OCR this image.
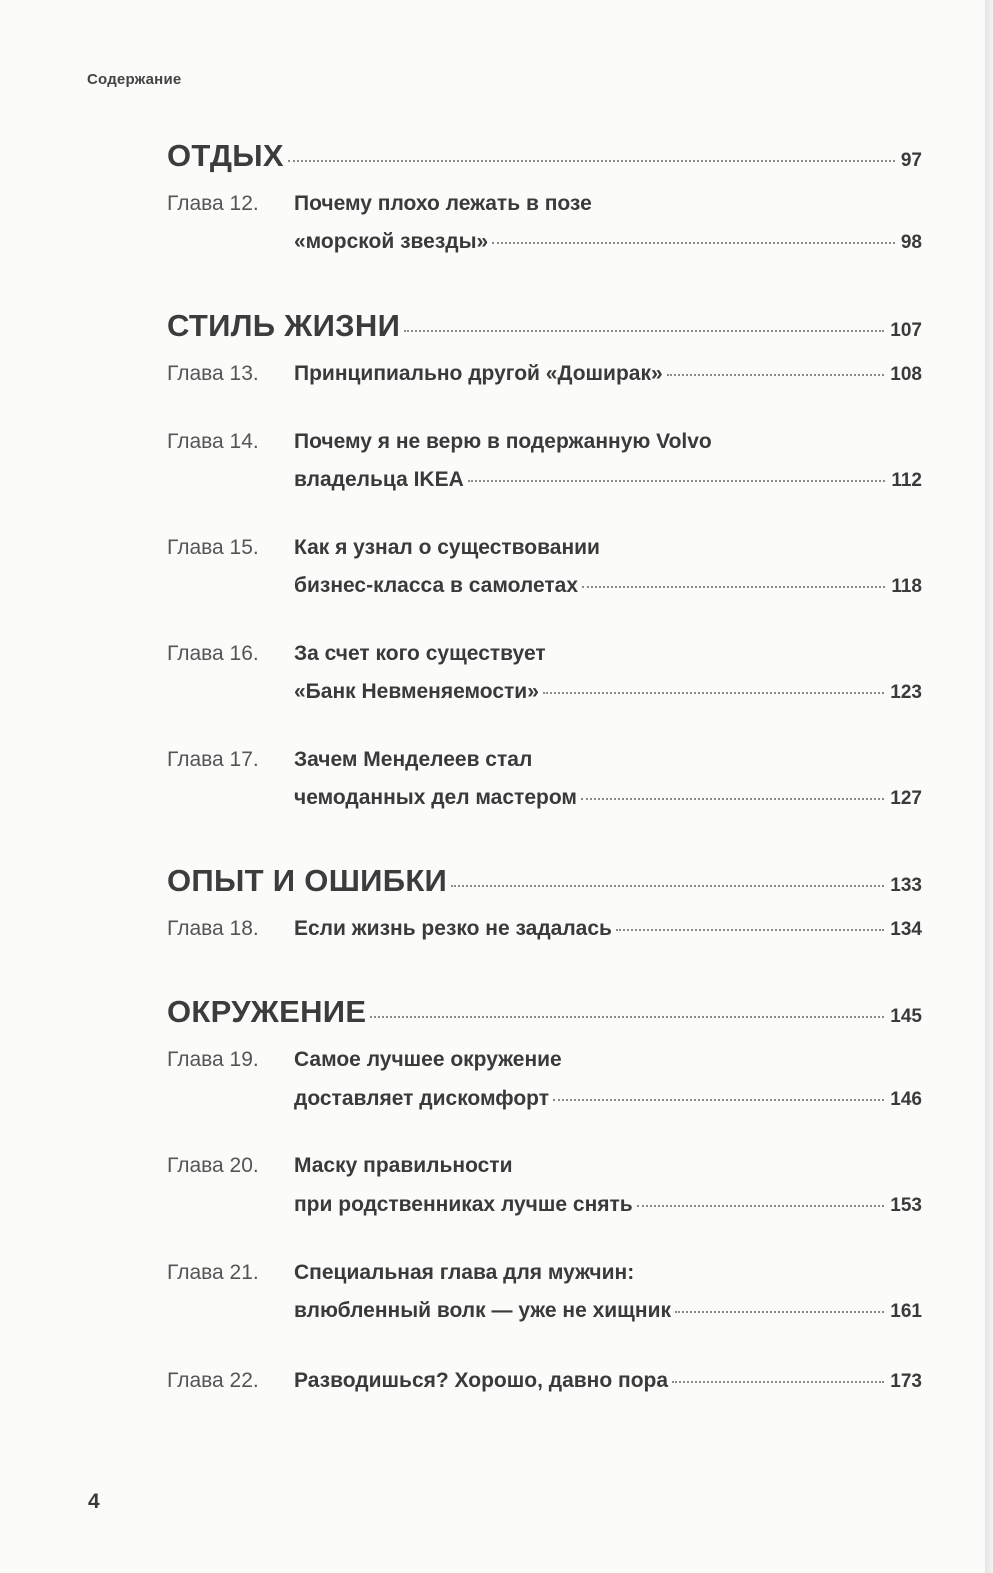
Содержание
ОТДЫХ	97
Глава 12.	Почему плохо лежать в позе
«морской звезды»	98
СТИЛЬ ЖИЗНИ	107
Глава 13.	Принципиально другой «Доширак»	108
Глава 14.	Почему я не верю в подержанную Volvo
владельца IKEA	112
Глава 15.	Как я узнал о существовании
бизнес-класса в самолетах	118
Глава 16.	За счет кого существует
«Банк Невменяемости»	123
Глава 17.	Зачем Менделеев стал
чемоданных дел мастером	127
ОПЫТ И ОШИБКИ	133
Глава 18.	Если жизнь резко не задалась	134
ОКРУЖЕНИЕ	145
Глава 19.	Самое лучшее окружение
доставляет дискомфорт	146
Глава 20.	Маску правильности
при родственниках лучше снять	153
Глава 21.	Специальная глава для мужчин:
влюбленный волк — уже не хищник	161
Глава 22.	Разводишься? Хорошо, давно пора	173
4
